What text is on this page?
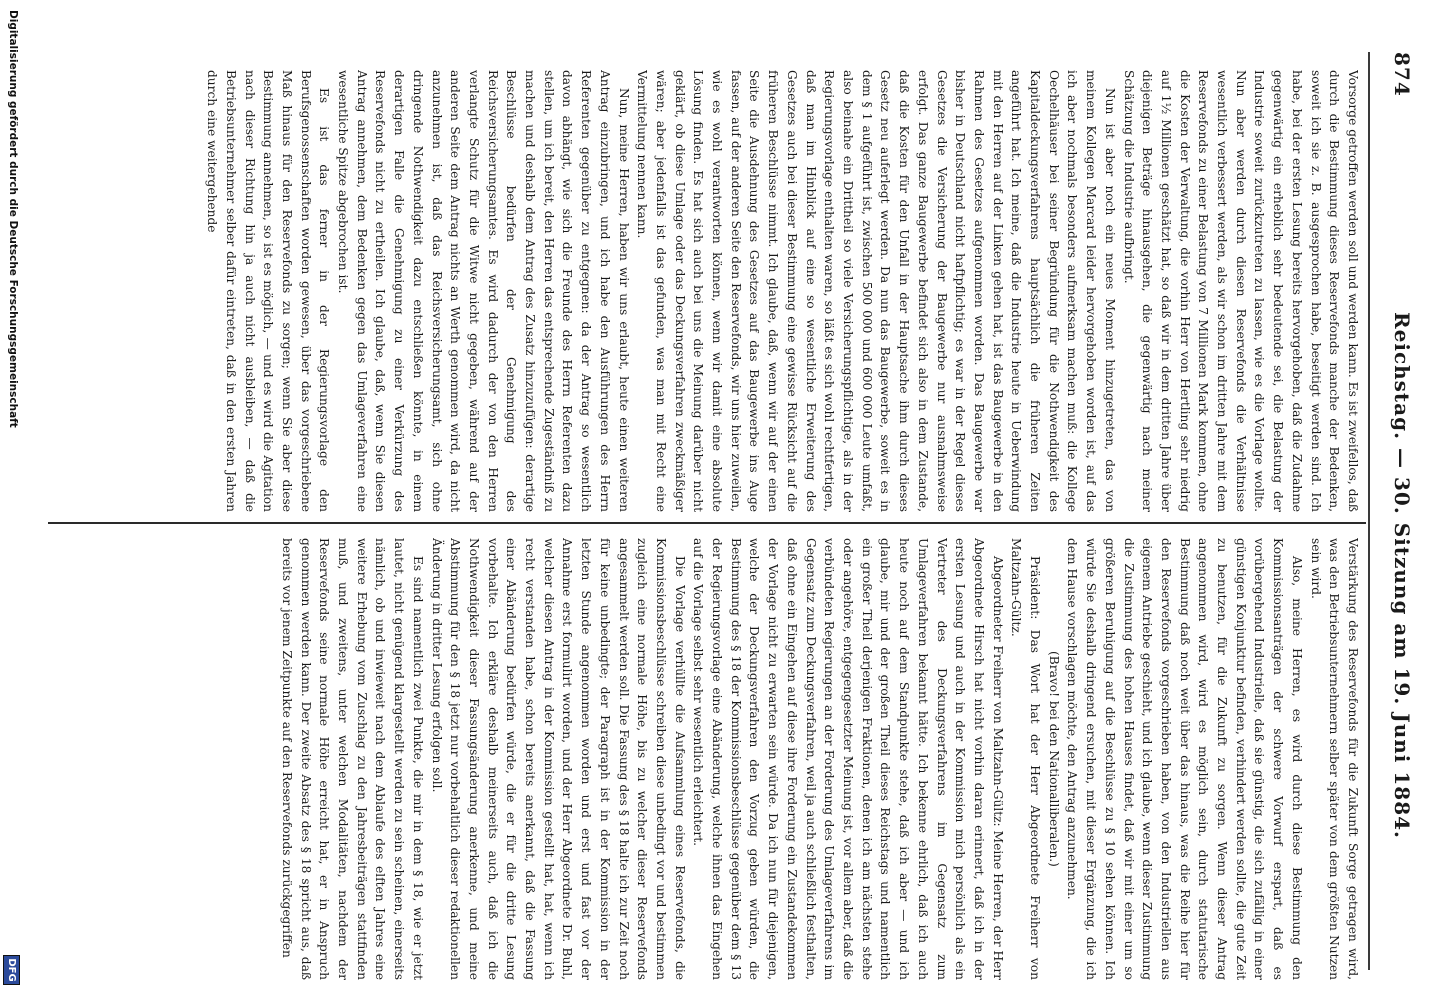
874
Reichstag. — 30. Sitzung am 19. Juni 1884.

Vorsorge getroffen werden soll und werden kann. Es ist zweifellos, daß durch die Bestimmung dieses Reservefonds manche der Bedenken, soweit ich sie z. B. ausgesprochen habe, beseitigt werden sind. Ich habe, bei der ersten Lesung bereits hervorgehoben, daß die Zudahme gegenwärtig ein erheblich sehr bedeutende sei, die Belastung der Industrie soweit zurückzutreten zu lassen, wie es die Vorlage wollte. Nun aber werden durch diesen Reservefonds die Verhältnisse wesentlich verbessert werden, als wir schon im dritten Jahre mit dem Reservefonds zu einer Belastung von 7 Millionen Mark kommen, ohne die Kosten der Verwaltung, die vorhin Herr von Hertling sehr niedrig auf 1½ Millionen geschätzt hat, so daß wir in dem dritten Jahre über diejenigen Beträge hinausgehen, die gegenwärtig nach meiner Schätzung die Industrie aufbringt.

Nun ist aber noch ein neues Moment hinzugetreten, das von meinem Kollegen Marcard leider hervorgehoben worden ist, auf das ich aber nochmals besonders aufmerksam machen muß: die Kollege Oechelhäuser bei seiner Begründung für die Nothwendigkeit des Kapitaldeckungsverfahrens hauptsächlich die früheren Zeiten angeführt hat. Ich meine, daß die Industrie heute in Ueberwindung mit den Herren auf der Linken gehen hat, ist das Baugewerbe in den Rahmen des Gesetzes aufgenommen worden. Das Baugewerbe war bisher in Deutschland nicht haftpflichtig; es war in der Regel dieses Gesetzes die Versicherung der Baugewerbe nur ausnahmsweise erfolgt. Das ganze Baugewerbe befindet sich also in dem Zustande, daß die Kosten für den Unfall in der Hauptsache ihm durch dieses Gesetz neu auferlegt werden. Da nun das Baugewerbe, soweit es in dem § 1 aufgeführt ist, zwischen 500 000 und 600 000 Leute umfaßt, also beinahe ein Drittheil so viele Versicherungspflichtige, als in der Regierungsvorlage enthalten waren, so läßt es sich wohl rechtfertigen, daß man im Hinblick auf eine so wesentliche Erweiterung des Gesetzes auch bei dieser Bestimmung eine gewisse Rücksicht auf die früheren Beschlüsse nimmt. Ich glaube, daß, wenn wir auf der einen Seite die Ausdehnung des Gesetzes auf das Baugewerbe ins Auge fassen, auf der anderen Seite den Reservefonds, wir uns hier zuweilen, wie es wohl verantworten können, wenn wir damit eine absolute Lösung finden. Es hat sich auch bei uns die Meinung darüber nicht geklärt, ob diese Umlage oder das Deckungsverfahren zweckmäßiger wären; aber jedenfalls ist das gefunden, was man mit Recht eine Vermittelung nennen kann.

Nun, meine Herren, haben wir uns erlaubt, heute einen weiteren Antrag einzubringen, und ich habe den Ausführungen des Herrn Referenten gegenüber zu entgegnen: da der Antrag so wesentlich davon abhängt, wie sich die Freunde des Herrn Referenten dazu stellen, um ich bereit, den Herren das entsprechende Zugeständniß zu machen und deshalb dem Antrag des Zusatz hinzuzufügen: derartige Beschlüsse bedürfen der Genehmigung des Reichsversicherungsamtes. Es wird dadurch der von den Herren verlangte Schutz für die Witwe nicht gegeben, während auf der anderen Seite dem Antrag nichts an Werth genommen wird, da nicht anzunehmen ist, daß das Reichsversicherungsamt, sich ohne dringende Nothwendigkeit dazu entschließen könnte, in einem derartigen Falle die Genehmigung zu einer Verkürzung des Reservefonds nicht zu ertheilen. Ich glaube, daß, wenn Sie diesen Antrag annehmen, dem Bedenken gegen das Umlageverfahren eine wesentliche Spitze abgebrochen ist.

Es ist das ferner in der Regierungsvorlage den Berufsgenossenschaften worden gewesen, über das vorgeschriebene Maß hinaus für den Reservefonds zu sorgen; wenn Sie aber diese Bestimmung annehmen, so ist es möglich, — und es wird die Agitation nach dieser Richtung hin ja auch nicht ausbleiben, — daß die Betriebsunternehmer selber dafür eintreten, daß in den ersten Jahren durch eine weitergehende

Verstärkung des Reservefonds für die Zukunft Sorge getragen wird, was den Betriebsunternehmern selber später von dem größten Nutzen sein wird.

Also, meine Herren, es wird durch diese Bestimmung den Kommissionsanträgen der schwere Vorwurf erspart, daß es vorübergehend Industrielle, daß sie günstig, die sich zufällig in einer günstigen Konjunktur befinden, verhindert werden sollte, die gute Zeit zu benutzen, für die Zukunft zu sorgen. Wenn dieser Antrag angenommen wird, wird es möglich sein, durch statutarische Bestimmung daß noch weit über das hinaus, was die Reihe hier für den Reservefonds vorgeschrieben haben, von den Industriellen aus eigenem Antriebe geschieht, und ich glaube, wenn dieser Zustimmung die Zustimmung des hohen Hauses findet, daß wir mit einer um so größeren Beruhigung auf die Beschlüsse zu § 10 sehen können. Ich würde Sie deshalb dringend ersuchen, mit dieser Ergänzung, die ich dem Hause vorschlagen möchte, den Antrag anzunehmen.

(Bravo! bei den Nationalliberalen.)

Präsident: Das Wort hat der Herr Abgeordnete Freiherr von Maltzahn-Gültz.

Abgeordneter Freiherr von Maltzahn-Gültz: Meine Herren, der Herr Abgeordnete Hirsch hat nicht vorhin daran erinnert, daß ich in der ersten Lesung und auch in der Kommission mich persönlich als ein Vertreter des Deckungsverfahrens im Gegensatz zum Umlageverfahren bekannt hätte. Ich bekenne ehrlich, daß ich auch heute noch auf dem Standpunkte stehe, daß ich aber — und ich glaube, mir und der großen Theil dieses Reichstags und namentlich ein großer Theil derjenigen Fraktionen, denen ich am nächsten stehe oder angehöre, entgegengesetzter Meinung ist, vor allem aber, daß die verbündeten Regierungen an der Forderung des Umlageverfahrens im Gegensatz zum Deckungsverfahren, weil ja auch schließlich festhalten, daß ohne ein Eingehen auf diese ihre Forderung ein Zustandekommen der Vorlage nicht zu erwarten sein würde. Da ich nun für diejenigen, welche der Deckungsverfahren den Vorzug geben würden, die Bestimmung des § 18 der Kommissionsbeschlüsse gegenüber dem § 13 der Regierungsvorlage eine Abänderung, welche ihnen das Eingehen auf die Vorlage selbst sehr wesentlich erleichtert.

Die Vorlage verhüllte die Aufsammlung eines Reservefonds, die Kommissionsbeschlüsse schreiben diese unbedingt vor und bestimmen zugleich eine normale Höhe, bis zu welcher dieser Reservefonds angesammelt werden soll. Die Fassung des § 18 halte ich zur Zeit noch für keine unbedingte; der Paragraph ist in der Kommission in der letzten Stunde angenommen worden und erst und fast vor der Annahme erst formulirt worden, und der Herr Abgeordnete Dr. Buhl, welcher diesen Antrag in der Kommission gestellt hat, hat, wenn ich recht verstanden habe, schon bereits anerkannt, daß die Fassung einer Abänderung bedürfen würde, die er für die dritte Lesung vorbehalte. Ich erkläre deshalb meinerseits auch, daß ich die Nothwendigkeit dieser Fassungsänderung anerkenne, und meine Abstimmung für den § 18 jetzt nur vorbehaltlich dieser redaktionellen Änderung in dritter Lesung erfolgen soll.

Es sind namentlich zwei Punkte, die mir in dem § 18, wie er jetzt lautet, nicht genügend klargestellt werden zu sein scheinen, einerseits nämlich, ob und inwieweit nach dem Ablaufe des elften Jahres eine weitere Erhebung vom Zuschlag zu den Jahresbeiträgen stattfinden muß, und zweitens, unter welchen Modalitäten, nachdem der Reservefonds seine normale Höhe erreicht hat, er in Anspruch genommen werden kann. Der zweite Absatz des § 18 spricht aus, daß bereits vor jenem Zeitpunkte auf den Reservefonds zurückgegriffen

Digitalisierung gefördert durch die Deutsche Forschungsgemeinschaft
DFG
